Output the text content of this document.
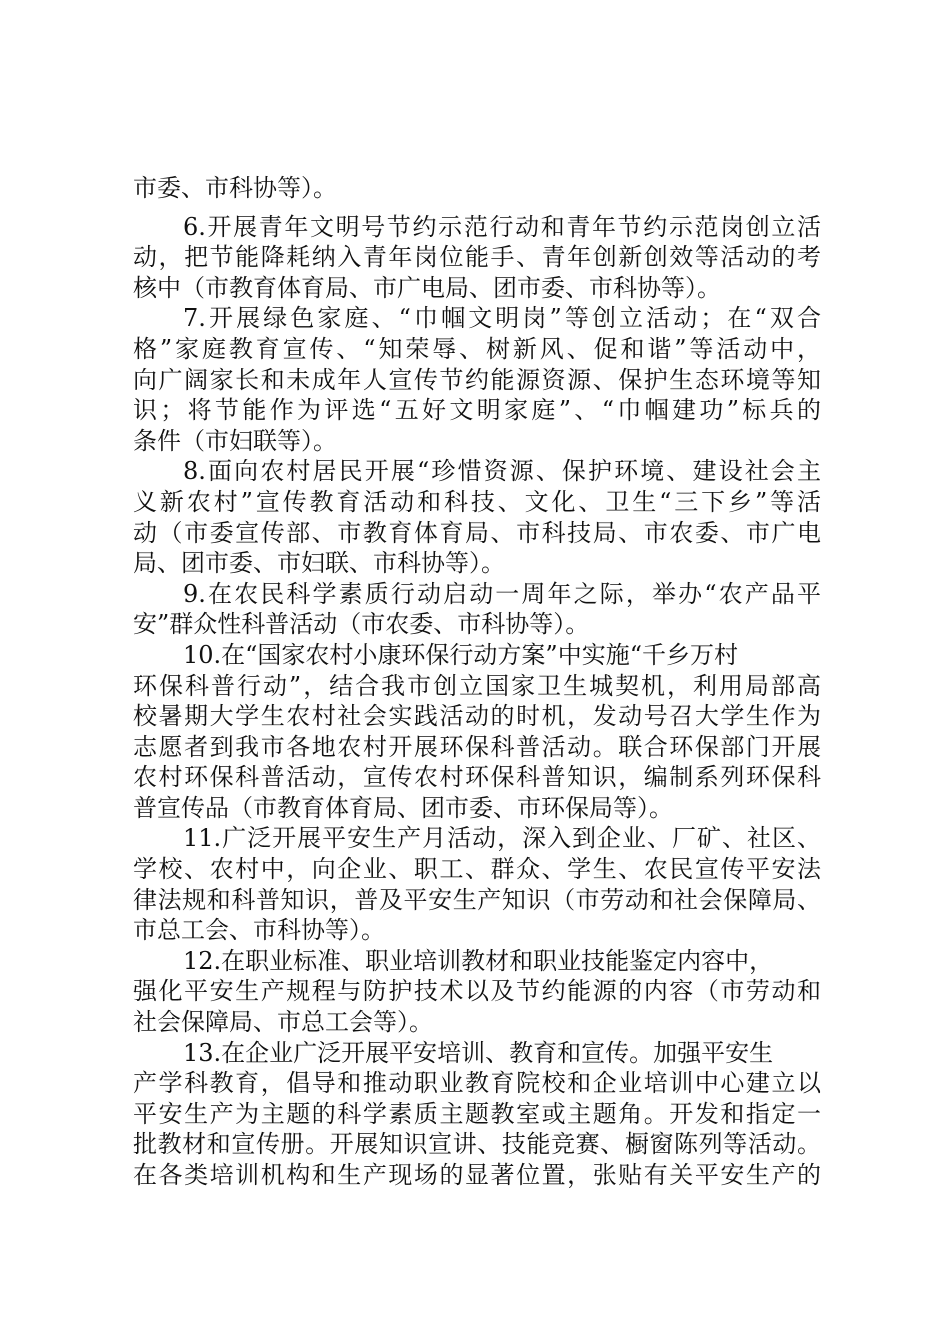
市委、市科协等）。
6.开展青年文明号节约示范行动和青年节约示范岗创立活
动，把节能降耗纳入青年岗位能手、青年创新创效等活动的考
核中（市教育体育局、市广电局、团市委、市科协等）。
7.开展绿色家庭、“巾帼文明岗”等创立活动；在“双合
格”家庭教育宣传、“知荣辱、树新风、促和谐”等活动中，
向广阔家长和未成年人宣传节约能源资源、保护生态环境等知
识；将节能作为评选“五好文明家庭”、“巾帼建功”标兵的
条件（市妇联等）。
8.面向农村居民开展“珍惜资源、保护环境、建设社会主
义新农村”宣传教育活动和科技、文化、卫生“三下乡”等活
动（市委宣传部、市教育体育局、市科技局、市农委、市广电
局、团市委、市妇联、市科协等）。
9.在农民科学素质行动启动一周年之际，举办“农产品平
安”群众性科普活动（市农委、市科协等）。
10.在“国家农村小康环保行动方案”中实施“千乡万村
环保科普行动”，结合我市创立国家卫生城契机，利用局部高
校暑期大学生农村社会实践活动的时机，发动号召大学生作为
志愿者到我市各地农村开展环保科普活动。联合环保部门开展
农村环保科普活动，宣传农村环保科普知识，编制系列环保科
普宣传品（市教育体育局、团市委、市环保局等）。
11.广泛开展平安生产月活动，深入到企业、厂矿、社区、
学校、农村中，向企业、职工、群众、学生、农民宣传平安法
律法规和科普知识，普及平安生产知识（市劳动和社会保障局、
市总工会、市科协等）。
12.在职业标准、职业培训教材和职业技能鉴定内容中，
强化平安生产规程与防护技术以及节约能源的内容（市劳动和
社会保障局、市总工会等）。
13.在企业广泛开展平安培训、教育和宣传。加强平安生
产学科教育，倡导和推动职业教育院校和企业培训中心建立以
平安生产为主题的科学素质主题教室或主题角。开发和指定一
批教材和宣传册。开展知识宣讲、技能竞赛、橱窗陈列等活动。
在各类培训机构和生产现场的显著位置，张贴有关平安生产的
